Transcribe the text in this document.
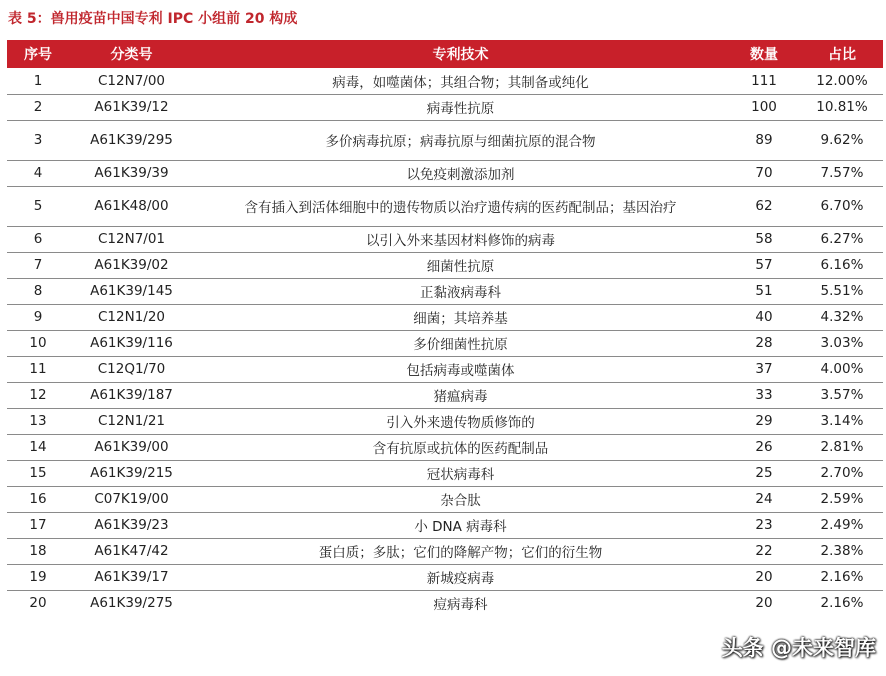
表 5：兽用疫苗中国专利 IPC 小组前 20 构成
序号	分类号	专利技术	数量	占比
1	C12N7/00	病毒，如噬菌体；其组合物；其制备或纯化	111	12.00%
2	A61K39/12	病毒性抗原	100	10.81%
3	A61K39/295	多价病毒抗原；病毒抗原与细菌抗原的混合物	89	9.62%
4	A61K39/39	以免疫刺激添加剂	70	7.57%
5	A61K48/00	含有插入到活体细胞中的遗传物质以治疗遗传病的医药配制品；基因治疗	62	6.70%
6	C12N7/01	以引入外来基因材料修饰的病毒	58	6.27%
7	A61K39/02	细菌性抗原	57	6.16%
8	A61K39/145	正黏液病毒科	51	5.51%
9	C12N1/20	细菌；其培养基	40	4.32%
10	A61K39/116	多价细菌性抗原	28	3.03%
11	C12Q1/70	包括病毒或噬菌体	37	4.00%
12	A61K39/187	猪瘟病毒	33	3.57%
13	C12N1/21	引入外来遗传物质修饰的	29	3.14%
14	A61K39/00	含有抗原或抗体的医药配制品	26	2.81%
15	A61K39/215	冠状病毒科	25	2.70%
16	C07K19/00	杂合肽	24	2.59%
17	A61K39/23	小 DNA 病毒科	23	2.49%
18	A61K47/42	蛋白质；多肽；它们的降解产物；它们的衍生物	22	2.38%
19	A61K39/17	新城疫病毒	20	2.16%
20	A61K39/275	痘病毒科	20	2.16%
头条 @未来智库
